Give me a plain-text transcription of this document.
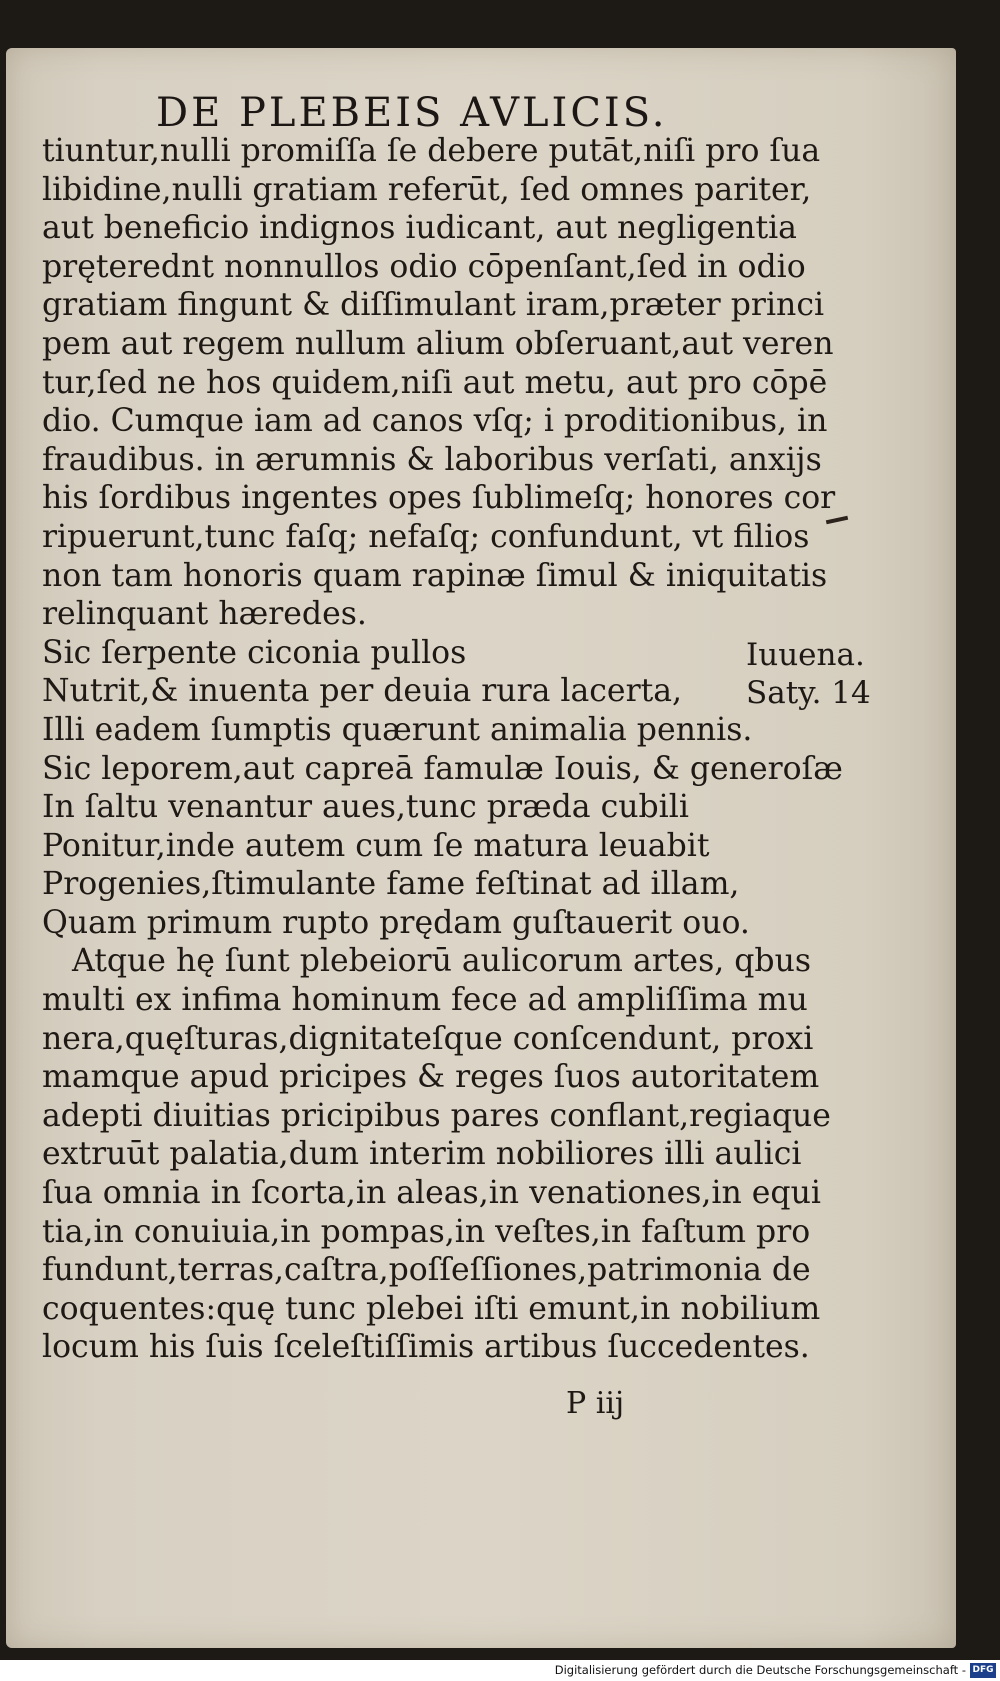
DE PLEBEIS AVLICIS.
tiuntur,nulli promiſſa ſe debere putāt,niſi pro ſua
libidine,nulli gratiam referūt, ſed omnes pariter,
aut beneficio indignos iudicant, aut negligentia
pręterednt nonnullos odio cōpenſant,ſed in odio
gratiam fingunt & diſſimulant iram,præter princi
pem aut regem nullum alium obſeruant,aut veren
tur,ſed ne hos quidem,niſi aut metu, aut pro cōpē
dio. Cumque iam ad canos vſq; i proditionibus, in
fraudibus. in ærumnis & laboribus verſati, anxijs
his ſordibus ingentes opes ſublimeſq; honores cor
ripuerunt,tunc faſq; nefaſq; confundunt, vt filios
non tam honoris quam rapinæ ſimul & iniquitatis
relinquant hæredes.
Sic ſerpente ciconia pullos
Nutrit,& inuenta per deuia rura lacerta,
Illi eadem ſumptis quærunt animalia pennis.
Sic leporem,aut capreā famulæ Iouis, & generoſæ
In ſaltu venantur aues,tunc præda cubili
Ponitur,inde autem cum ſe matura leuabit
Progenies,ſtimulante fame feſtinat ad illam,
Quam primum rupto prędam guſtauerit ouo.
Atque hę ſunt plebeiorū aulicorum artes, qbus
multi ex infima hominum fece ad ampliſſima mu
nera,quęſturas,dignitateſque conſcendunt, proxi
mamque apud pricipes & reges ſuos autoritatem
adepti diuitias pricipibus pares conflant,regiaque
extruūt palatia,dum interim nobiliores illi aulici
ſua omnia in ſcorta,in aleas,in venationes,in equi
tia,in conuiuia,in pompas,in veſtes,in faſtum pro
fundunt,terras,caſtra,poſſeſſiones,patrimonia de
coquentes:quę tunc plebei iſti emunt,in nobilium
locum his ſuis ſceleſtiſſimis artibus ſuccedentes.
Iuuena.
Saty. 14
P iij
Digitalisierung gefördert durch die Deutsche Forschungsgemeinschaft - DFG
